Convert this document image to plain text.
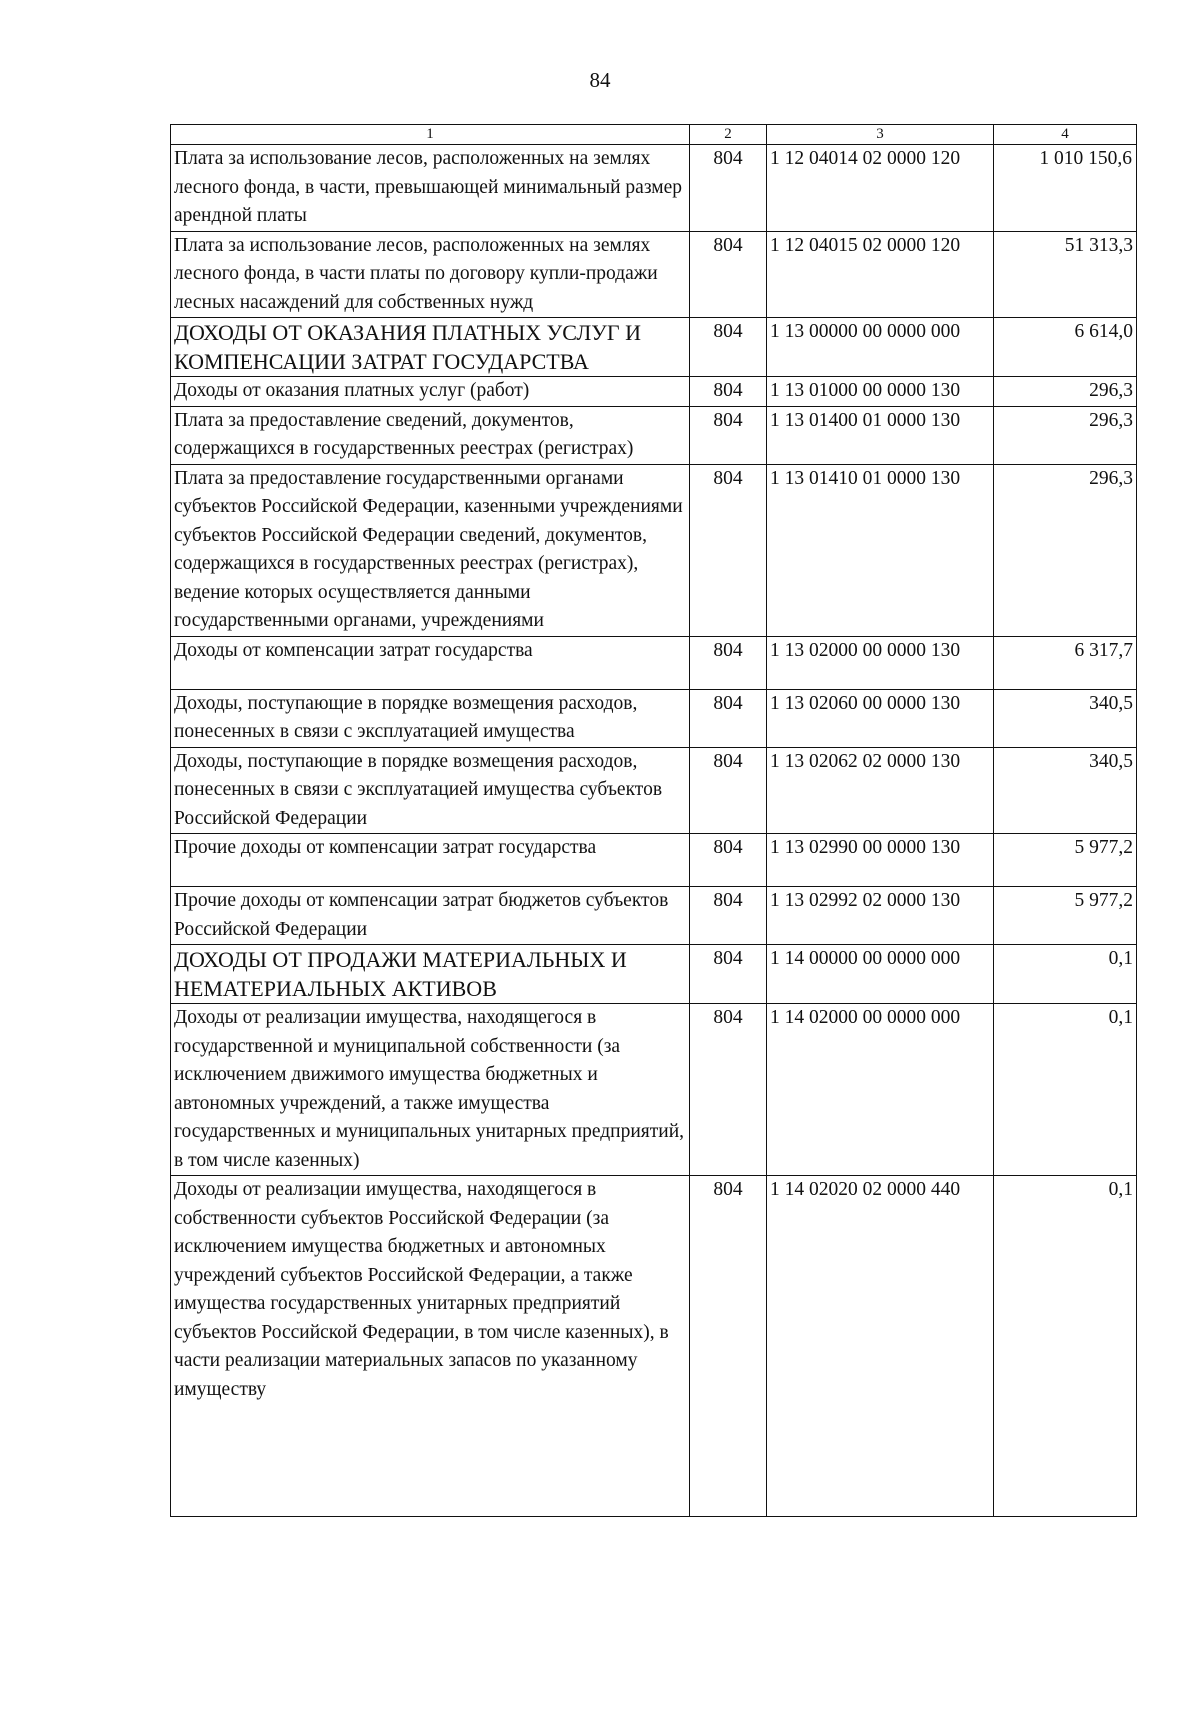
84
1	2	3	4
Плата за использование лесов, расположенных на землях лесного фонда, в части, превышающей минимальный размер арендной платы	804	1 12 04014 02 0000 120	1 010 150,6
Плата за использование лесов, расположенных на землях лесного фонда, в части платы по договору купли-продажи лесных насаждений для собственных нужд	804	1 12 04015 02 0000 120	51 313,3
ДОХОДЫ ОТ ОКАЗАНИЯ ПЛАТНЫХ УСЛУГ И КОМПЕНСАЦИИ ЗАТРАТ ГОСУДАРСТВА	804	1 13 00000 00 0000 000	6 614,0
Доходы от оказания платных услуг (работ)	804	1 13 01000 00 0000 130	296,3
Плата за предоставление сведений, документов, содержащихся в государственных реестрах (регистрах)	804	1 13 01400 01 0000 130	296,3
Плата за предоставление государственными органами субъектов Российской Федерации, казенными учреждениями субъектов Российской Федерации сведений, документов, содержащихся в государственных реестрах (регистрах), ведение которых осуществляется данными государственными органами, учреждениями	804	1 13 01410 01 0000 130	296,3
Доходы от компенсации затрат государства	804	1 13 02000 00 0000 130	6 317,7
Доходы, поступающие в порядке возмещения расходов, понесенных в связи с эксплуатацией имущества	804	1 13 02060 00 0000 130	340,5
Доходы, поступающие в порядке возмещения расходов, понесенных в связи с эксплуатацией имущества субъектов Российской Федерации	804	1 13 02062 02 0000 130	340,5
Прочие доходы от компенсации затрат государства	804	1 13 02990 00 0000 130	5 977,2
Прочие доходы от компенсации затрат бюджетов субъектов Российской Федерации	804	1 13 02992 02 0000 130	5 977,2
ДОХОДЫ ОТ ПРОДАЖИ МАТЕРИАЛЬНЫХ И НЕМАТЕРИАЛЬНЫХ АКТИВОВ	804	1 14 00000 00 0000 000	0,1
Доходы от реализации имущества, находящегося в государственной и муниципальной собственности (за исключением движимого имущества бюджетных и автономных учреждений, а также имущества государственных и муниципальных унитарных предприятий, в том числе казенных)	804	1 14 02000 00 0000 000	0,1
Доходы от реализации имущества, находящегося в собственности субъектов Российской Федерации (за исключением имущества бюджетных и автономных учреждений субъектов Российской Федерации, а также имущества государственных унитарных предприятий субъектов Российской Федерации, в том числе казенных), в части реализации материальных запасов по указанному имуществу	804	1 14 02020 02 0000 440	0,1
